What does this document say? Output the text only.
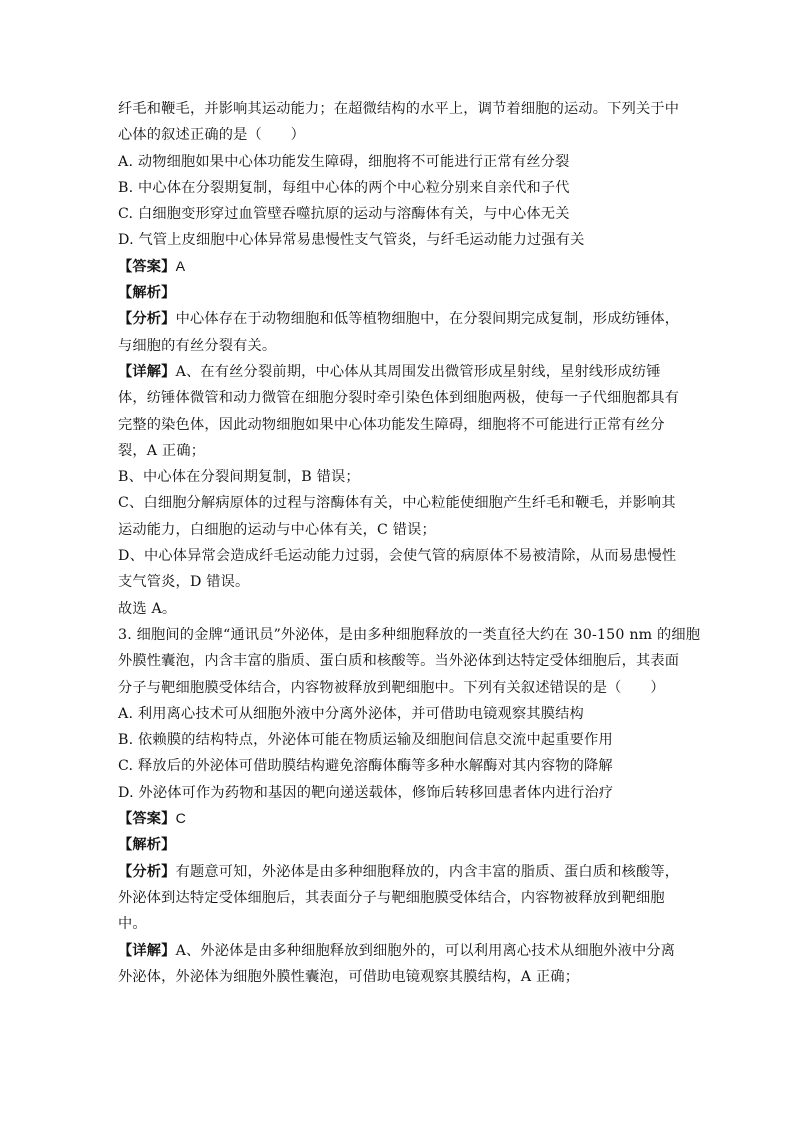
纤毛和鞭毛，并影响其运动能力；在超微结构的水平上，调节着细胞的运动。下列关于中
心体的叙述正确的是（　　）
A. 动物细胞如果中心体功能发生障碍，细胞将不可能进行正常有丝分裂
B. 中心体在分裂期复制，每组中心体的两个中心粒分别来自亲代和子代
C. 白细胞变形穿过血管壁吞噬抗原的运动与溶酶体有关，与中心体无关
D. 气管上皮细胞中心体异常易患慢性支气管炎，与纤毛运动能力过强有关
【答案】A
【解析】
【分析】中心体存在于动物细胞和低等植物细胞中，在分裂间期完成复制，形成纺锤体，
与细胞的有丝分裂有关。
【详解】A、在有丝分裂前期，中心体从其周围发出微管形成星射线，星射线形成纺锤
体，纺锤体微管和动力微管在细胞分裂时牵引染色体到细胞两极，使每一子代细胞都具有
完整的染色体，因此动物细胞如果中心体功能发生障碍，细胞将不可能进行正常有丝分
裂，A 正确；
B、中心体在分裂间期复制，B 错误；
C、白细胞分解病原体的过程与溶酶体有关，中心粒能使细胞产生纤毛和鞭毛，并影响其
运动能力，白细胞的运动与中心体有关，C 错误；
D、中心体异常会造成纤毛运动能力过弱，会使气管的病原体不易被清除，从而易患慢性
支气管炎，D 错误。
故选 A。
3. 细胞间的金牌“通讯员”外泌体，是由多种细胞释放的一类直径大约在 30-150 nm 的细胞
外膜性囊泡，内含丰富的脂质、蛋白质和核酸等。当外泌体到达特定受体细胞后，其表面
分子与靶细胞膜受体结合，内容物被释放到靶细胞中。下列有关叙述错误的是（　　）
A. 利用离心技术可从细胞外液中分离外泌体，并可借助电镜观察其膜结构
B. 依赖膜的结构特点，外泌体可能在物质运输及细胞间信息交流中起重要作用
C. 释放后的外泌体可借助膜结构避免溶酶体酶等多种水解酶对其内容物的降解
D. 外泌体可作为药物和基因的靶向递送载体，修饰后转移回患者体内进行治疗
【答案】C
【解析】
【分析】有题意可知，外泌体是由多种细胞释放的，内含丰富的脂质、蛋白质和核酸等，
外泌体到达特定受体细胞后，其表面分子与靶细胞膜受体结合，内容物被释放到靶细胞
中。
【详解】A、外泌体是由多种细胞释放到细胞外的，可以利用离心技术从细胞外液中分离
外泌体，外泌体为细胞外膜性囊泡，可借助电镜观察其膜结构，A 正确；
